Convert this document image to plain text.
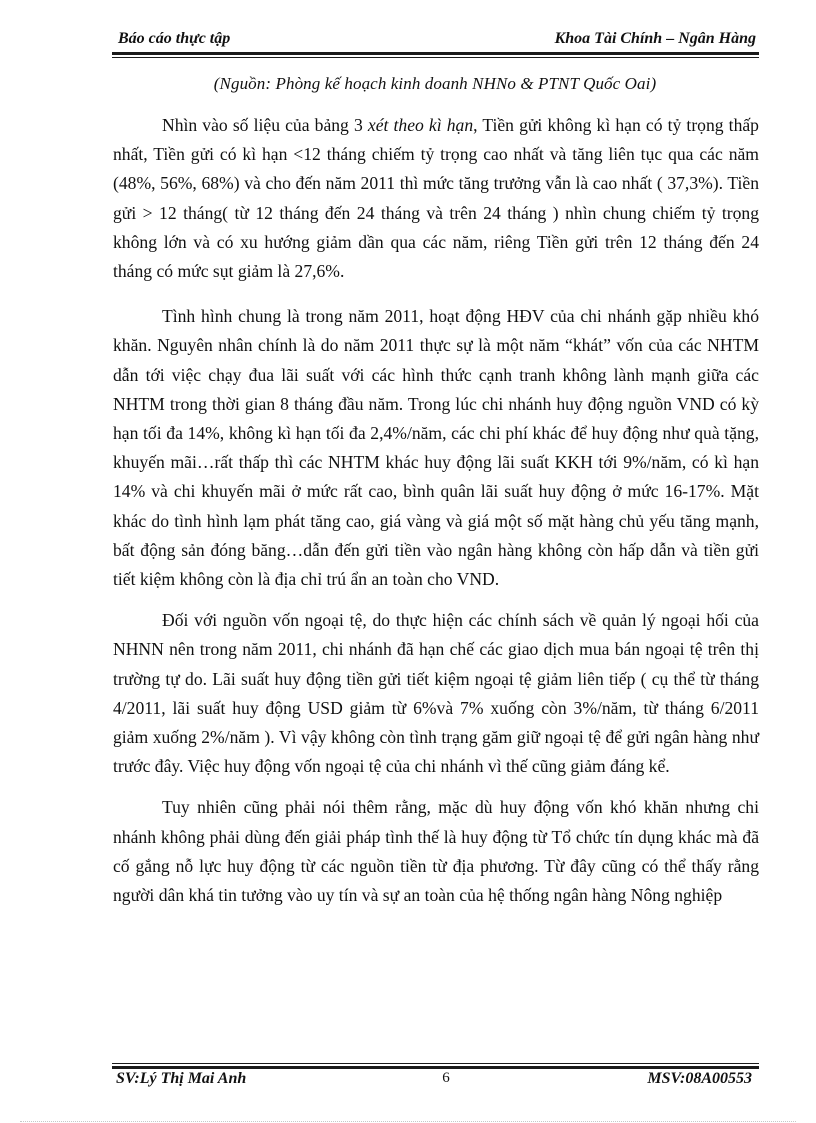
Báo cáo thực tập	Khoa Tài Chính – Ngân Hàng
(Nguồn: Phòng kế hoạch kinh doanh NHNo & PTNT Quốc Oai)

Nhìn vào số liệu của bảng 3 xét theo kì hạn, Tiền gửi không kì hạn có tỷ trọng thấp nhất, Tiền gửi có kì hạn <12 tháng chiếm tỷ trọng cao nhất và tăng liên tục qua các năm (48%, 56%, 68%) và cho đến năm 2011 thì mức tăng trưởng vẫn là cao nhất ( 37,3%). Tiền gửi > 12 tháng( từ 12 tháng đến 24 tháng và trên 24 tháng ) nhìn chung chiếm tỷ trọng không lớn và có xu hướng giảm dần qua các năm, riêng Tiền gửi trên 12 tháng đến 24 tháng có mức sụt giảm là 27,6%.

Tình hình chung là trong năm 2011, hoạt động HĐV của chi nhánh gặp nhiều khó khăn. Nguyên nhân chính là do năm 2011 thực sự là một năm “khát” vốn của các NHTM dẫn tới việc chạy đua lãi suất với các hình thức cạnh tranh không lành mạnh giữa các NHTM trong thời gian 8 tháng đầu năm. Trong lúc chi nhánh huy động nguồn VND có kỳ hạn tối đa 14%, không kì hạn tối đa 2,4%/năm, các chi phí khác để huy động như quà tặng, khuyến mãi…rất thấp thì các NHTM khác huy động lãi suất KKH tới 9%/năm, có kì hạn 14% và chi khuyến mãi ở mức rất cao, bình quân lãi suất huy động ở mức 16-17%. Mặt khác do tình hình lạm phát tăng cao, giá vàng và giá một số mặt hàng chủ yếu tăng mạnh, bất động sản đóng băng…dẫn đến gửi tiền vào ngân hàng không còn hấp dẫn và tiền gửi tiết kiệm không còn là địa chỉ trú ẩn an toàn cho VND.

Đối với nguồn vốn ngoại tệ, do thực hiện các chính sách về quản lý ngoại hối của NHNN nên trong năm 2011, chi nhánh đã hạn chế các giao dịch mua bán ngoại tệ trên thị trường tự do. Lãi suất huy động tiền gửi tiết kiệm ngoại tệ giảm liên tiếp ( cụ thể từ tháng 4/2011, lãi suất huy động USD giảm từ 6%và 7% xuống còn 3%/năm, từ tháng 6/2011 giảm xuống 2%/năm ). Vì vậy không còn tình trạng găm giữ ngoại tệ để gửi ngân hàng như trước đây. Việc huy động vốn ngoại tệ của chi nhánh vì thế cũng giảm đáng kể.

Tuy nhiên cũng phải nói thêm rằng, mặc dù huy động vốn khó khăn nhưng chi nhánh không phải dùng đến giải pháp tình thế là huy động từ Tổ chức tín dụng khác mà đã cố gắng nỗ lực huy động từ các nguồn tiền từ địa phương. Từ đây cũng có thể thấy rằng người dân khá tin tưởng vào uy tín và sự an toàn của hệ thống ngân hàng Nông nghiệp

SV:Lý Thị Mai Anh	6	MSV:08A00553
